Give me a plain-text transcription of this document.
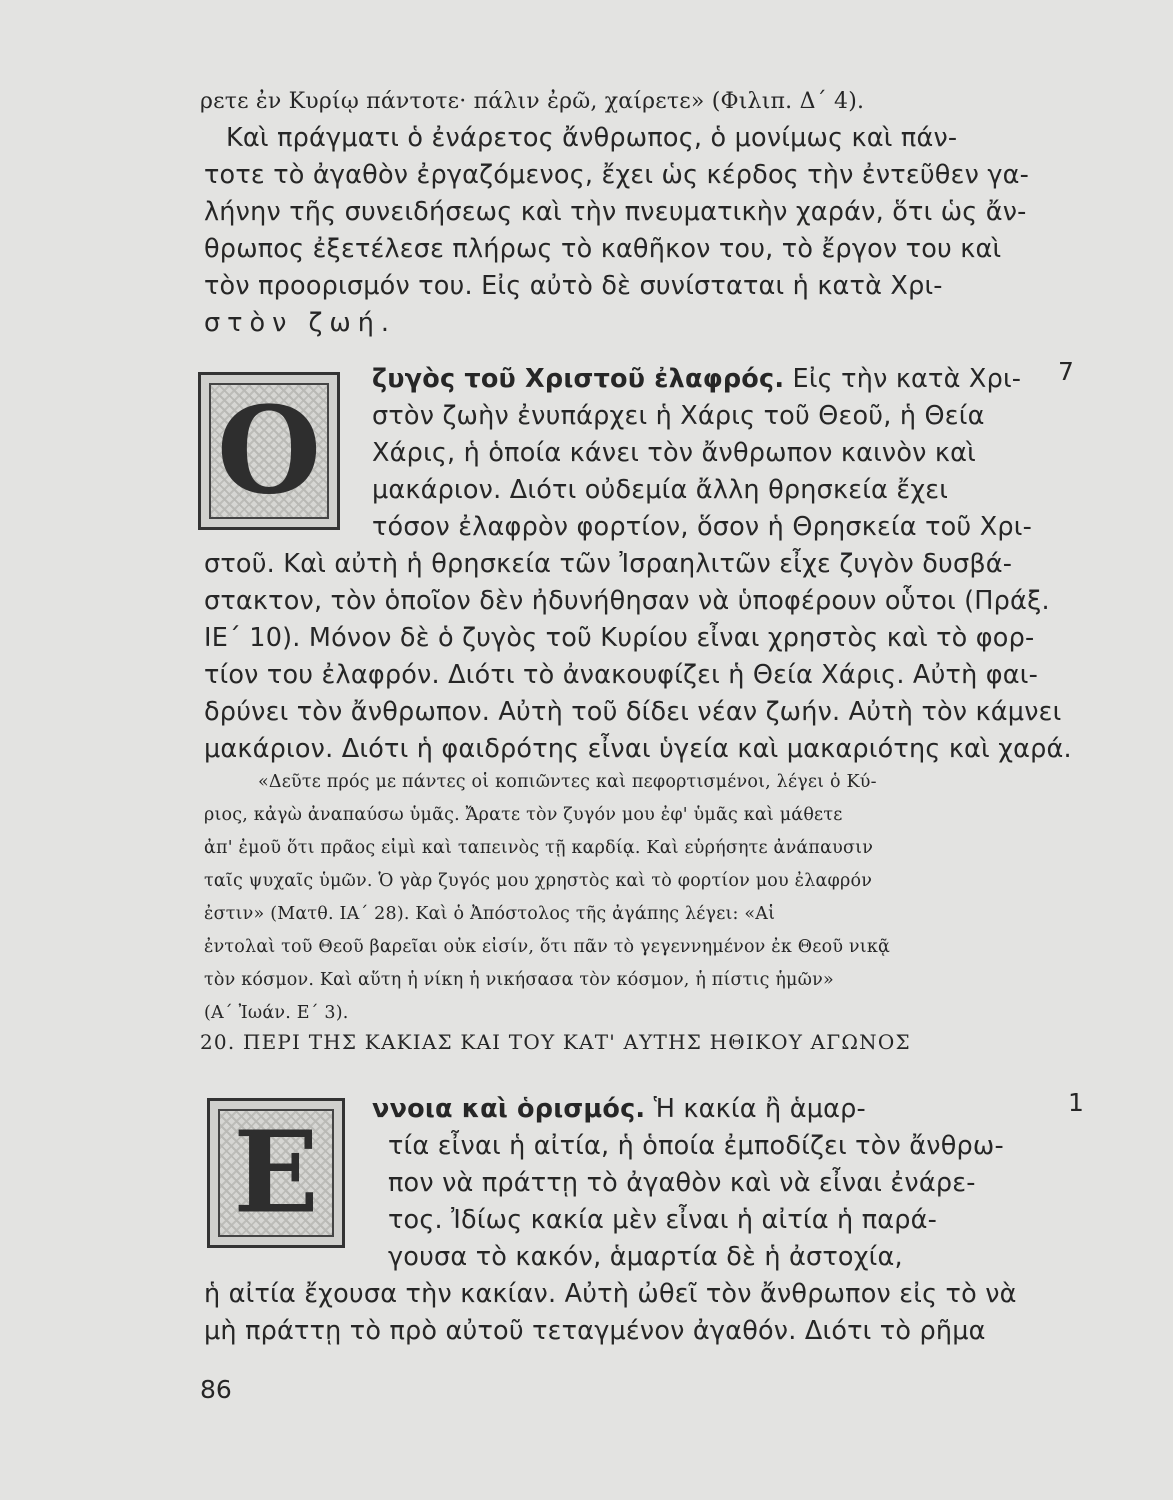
ρετε ἐν Κυρίῳ πάντοτε· πάλιν ἐρῶ, χαίρετε» (Φιλιπ. Δ΄ 4).
Καὶ πράγματι ὁ ἐνάρετος ἄνθρωπος, ὁ μονίμως καὶ πάν-
τοτε τὸ ἀγαθὸν ἐργαζόμενος, ἔχει ὡς κέρδος τὴν ἐντεῦθεν γα-
λήνην τῆς συνειδήσεως καὶ τὴν πνευματικὴν χαράν, ὅτι ὡς ἄν-
θρωπος ἐξετέλεσε πλήρως τὸ καθῆκον του, τὸ ἔργον του καὶ
τὸν προορισμόν του. Εἰς αὐτὸ δὲ συνίσταται ἡ κατὰ Χρι-
στὸν ζωή.
Ο
7
ζυγὸς τοῦ Χριστοῦ ἐλαφρός. Εἰς τὴν κατὰ Χρι-
στὸν ζωὴν ἐνυπάρχει ἡ Χάρις τοῦ Θεοῦ, ἡ Θεία
Χάρις, ἡ ὁποία κάνει τὸν ἄνθρωπον καινὸν καὶ
μακάριον. Διότι οὐδεμία ἄλλη θρησκεία ἔχει
τόσον ἐλαφρὸν φορτίον, ὅσον ἡ Θρησκεία τοῦ Χρι-
στοῦ. Καὶ αὐτὴ ἡ θρησκεία τῶν Ἰσραηλιτῶν εἶχε ζυγὸν δυσβά-
στακτον, τὸν ὁποῖον δὲν ἠδυνήθησαν νὰ ὑποφέρουν οὗτοι (Πράξ.
ΙΕ΄ 10). Μόνον δὲ ὁ ζυγὸς τοῦ Κυρίου εἶναι χρηστὸς καὶ τὸ φορ-
τίον του ἐλαφρόν. Διότι τὸ ἀνακουφίζει ἡ Θεία Χάρις. Αὐτὴ φαι-
δρύνει τὸν ἄνθρωπον. Αὐτὴ τοῦ δίδει νέαν ζωήν. Αὐτὴ τὸν κάμνει
μακάριον. Διότι ἡ φαιδρότης εἶναι ὑγεία καὶ μακαριότης καὶ χαρά.
«Δεῦτε πρός με πάντες οἱ κοπιῶντες καὶ πεφορτισμένοι, λέγει ὁ Κύ-
ριος, κἀγὼ ἀναπαύσω ὑμᾶς. Ἄρατε τὸν ζυγόν μου ἐφ' ὑμᾶς καὶ μάθετε
ἀπ' ἐμοῦ ὅτι πρᾶος εἰμὶ καὶ ταπεινὸς τῇ καρδίᾳ. Καὶ εὑρήσητε ἀνάπαυσιν
ταῖς ψυχαῖς ὑμῶν. Ὁ γὰρ ζυγός μου χρηστὸς καὶ τὸ φορτίον μου ἐλαφρόν
ἐστιν» (Ματθ. ΙΑ΄ 28). Καὶ ὁ Ἀπόστολος τῆς ἀγάπης λέγει: «Αἱ
ἐντολαὶ τοῦ Θεοῦ βαρεῖαι οὐκ εἰσίν, ὅτι πᾶν τὸ γεγεννημένον ἐκ Θεοῦ νικᾷ
τὸν κόσμον. Καὶ αὕτη ἡ νίκη ἡ νικήσασα τὸν κόσμον, ἡ πίστις ἡμῶν»
(Α΄ Ἰωάν. Ε΄ 3).
20. ΠΕΡΙ ΤΗΣ ΚΑΚΙΑΣ ΚΑΙ ΤΟΥ ΚΑΤ' ΑΥΤΗΣ ΗΘΙΚΟΥ ΑΓΩΝΟΣ
Ε
1
ννοια καὶ ὁρισμός. Ἡ κακία ἢ ἁμαρ-
τία εἶναι ἡ αἰτία, ἡ ὁποία ἐμποδίζει τὸν ἄνθρω-
πον νὰ πράττῃ τὸ ἀγαθὸν καὶ νὰ εἶναι ἐνάρε-
τος. Ἰδίως κακία μὲν εἶναι ἡ αἰτία ἡ παρά-
γουσα τὸ κακόν, ἁμαρτία δὲ ἡ ἀστοχία,
ἡ αἰτία ἔχουσα τὴν κακίαν. Αὐτὴ ὠθεῖ τὸν ἄνθρωπον εἰς τὸ νὰ
μὴ πράττῃ τὸ πρὸ αὐτοῦ τεταγμένον ἀγαθόν. Διότι τὸ ρῆμα
86
